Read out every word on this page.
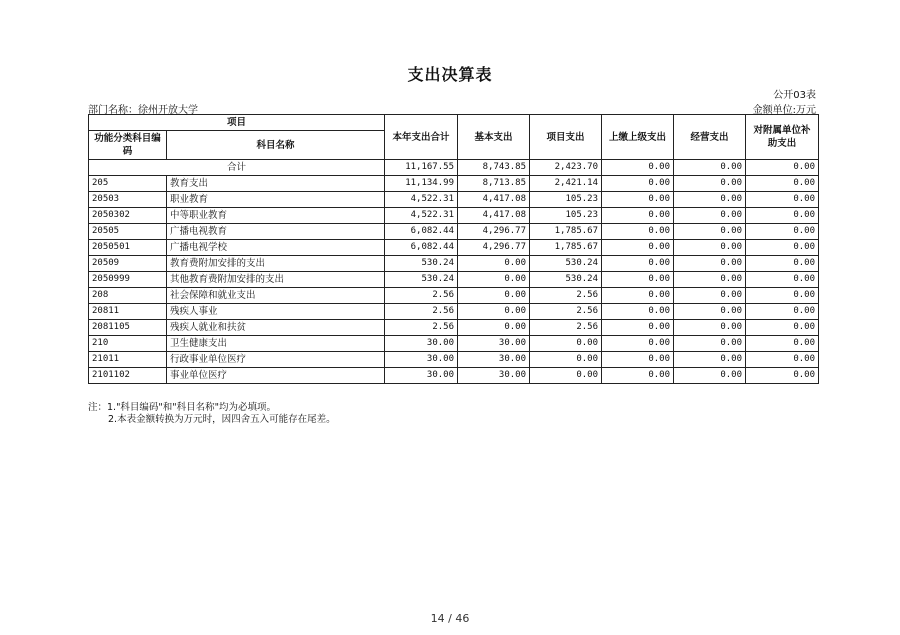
支出决算表
公开03表
部门名称：徐州开放大学	金额单位:万元
项目		本年支出合计	基本支出	项目支出	上缴上级支出	经营支出	对附属单位补助支出
功能分类科目编码	科目名称						
合计		11,167.55	8,743.85	2,423.70	0.00	0.00	0.00
205	教育支出	11,134.99	8,713.85	2,421.14	0.00	0.00	0.00
20503	职业教育	4,522.31	4,417.08	105.23	0.00	0.00	0.00
2050302	中等职业教育	4,522.31	4,417.08	105.23	0.00	0.00	0.00
20505	广播电视教育	6,082.44	4,296.77	1,785.67	0.00	0.00	0.00
2050501	广播电视学校	6,082.44	4,296.77	1,785.67	0.00	0.00	0.00
20509	教育费附加安排的支出	530.24	0.00	530.24	0.00	0.00	0.00
2050999	其他教育费附加安排的支出	530.24	0.00	530.24	0.00	0.00	0.00
208	社会保障和就业支出	2.56	0.00	2.56	0.00	0.00	0.00
20811	残疾人事业	2.56	0.00	2.56	0.00	0.00	0.00
2081105	残疾人就业和扶贫	2.56	0.00	2.56	0.00	0.00	0.00
210	卫生健康支出	30.00	30.00	0.00	0.00	0.00	0.00
21011	行政事业单位医疗	30.00	30.00	0.00	0.00	0.00	0.00
2101102	事业单位医疗	30.00	30.00	0.00	0.00	0.00	0.00
注：1."科目编码"和"科目名称"均为必填项。
2.本表金额转换为万元时，因四舍五入可能存在尾差。
14 / 46
